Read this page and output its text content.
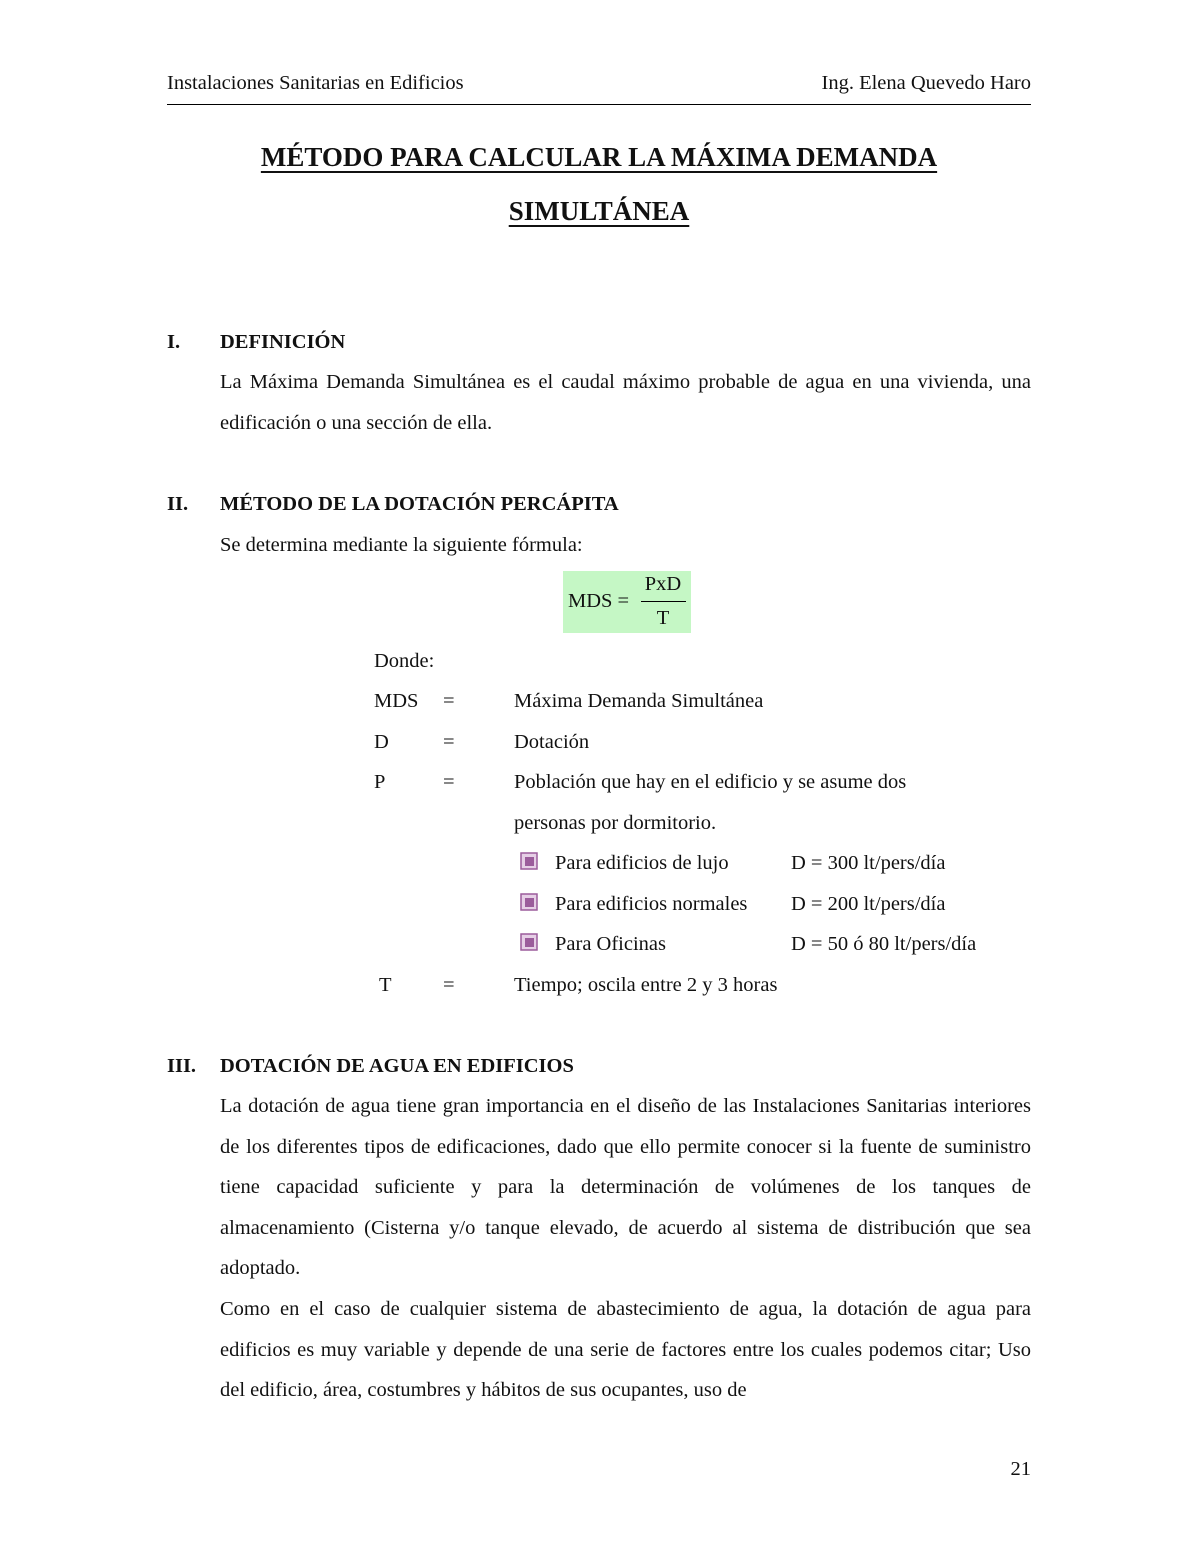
Instalaciones Sanitarias en Edificios	Ing. Elena Quevedo Haro
MÉTODO PARA CALCULAR LA MÁXIMA DEMANDA
SIMULTÁNEA
I. DEFINICIÓN
La Máxima Demanda Simultánea es el caudal máximo probable de agua en una vivienda, una edificación o una sección de ella.
II. MÉTODO DE LA DOTACIÓN PERCÁPITA
Se determina mediante la siguiente fórmula:
MDS =
PxD
T
Donde:
MDS =	Máxima Demanda Simultánea
D	=	Dotación
P	=	Población que hay en el edificio y se asume dos
personas por dormitorio.
Para edificios de lujo	D = 300 lt/pers/día
Para edificios normales D = 200 lt/pers/día
Para Oficinas	D = 50 ó 80 lt/pers/día
T	=	Tiempo; oscila entre 2 y 3 horas
III. DOTACIÓN DE AGUA EN EDIFICIOS
La dotación de agua tiene gran importancia en el diseño de las Instalaciones Sanitarias interiores de los diferentes tipos de edificaciones, dado que ello permite conocer si la fuente de suministro tiene capacidad suficiente y para la determinación de volúmenes de los tanques de almacenamiento (Cisterna y/o tanque elevado, de acuerdo al sistema de distribución que sea adoptado.
Como en el caso de cualquier sistema de abastecimiento de agua, la dotación de agua para edificios es muy variable y depende de una serie de factores entre los cuales podemos citar; Uso del edificio, área, costumbres y hábitos de sus ocupantes, uso de
21
